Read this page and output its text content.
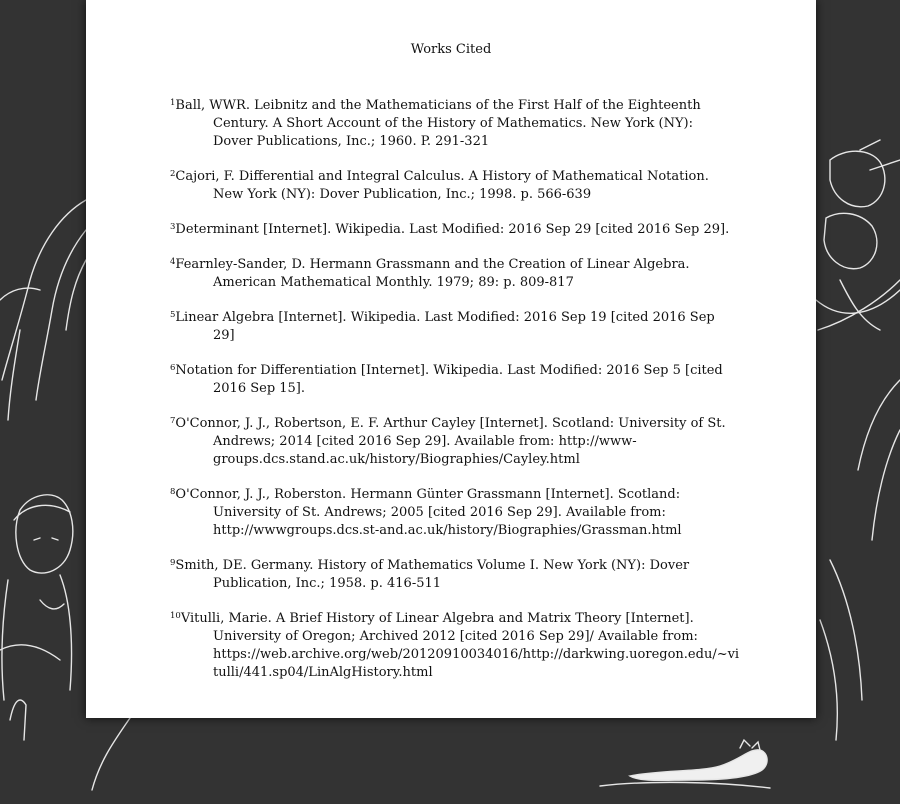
Works Cited
$^1$Ball, WWR. Leibnitz and the Mathematicians of the First Half of the Eighteenth Century. A Short Account of the History of Mathematics. New York (NY): Dover Publications, Inc.; 1960. P. 291-321
$^2$Cajori, F. Differential and Integral Calculus. A History of Mathematical Notation. New York (NY): Dover Publication, Inc.; 1998. p. 566-639
$^3$Determinant [Internet]. Wikipedia. Last Modified: 2016 Sep 29 [cited 2016 Sep 29].
$^4$Fearnley-Sander, D. Hermann Grassmann and the Creation of Linear Algebra. American Mathematical Monthly. 1979; 89: p. 809-817
$^5$Linear Algebra [Internet]. Wikipedia. Last Modified: 2016 Sep 19 [cited 2016 Sep 29]
$^6$Notation for Differentiation [Internet]. Wikipedia. Last Modified: 2016 Sep 5 [cited 2016 Sep 15].
$^7$O'Connor, J. J., Robertson, E. F. Arthur Cayley [Internet]. Scotland: University of St. Andrews; 2014 [cited 2016 Sep 29]. Available from: http://www-groups.dcs.stand.ac.uk/history/Biographies/Cayley.html
$^8$O'Connor, J. J., Roberston. Hermann Günter Grassmann [Internet]. Scotland: University of St. Andrews; 2005 [cited 2016 Sep 29]. Available from: http://wwwgroups.dcs.st-and.ac.uk/history/Biographies/Grassman.html
$^9$Smith, DE. Germany. History of Mathematics Volume I. New York (NY): Dover Publication, Inc.; 1958. p. 416-511
$^{10}$Vitulli, Marie. A Brief History of Linear Algebra and Matrix Theory [Internet]. University of Oregon; Archived 2012 [cited 2016 Sep 29]/ Available from: https://web.archive.org/web/20120910034016/http://darkwing.uoregon.edu/~vi tulli/441.sp04/LinAlgHistory.html
